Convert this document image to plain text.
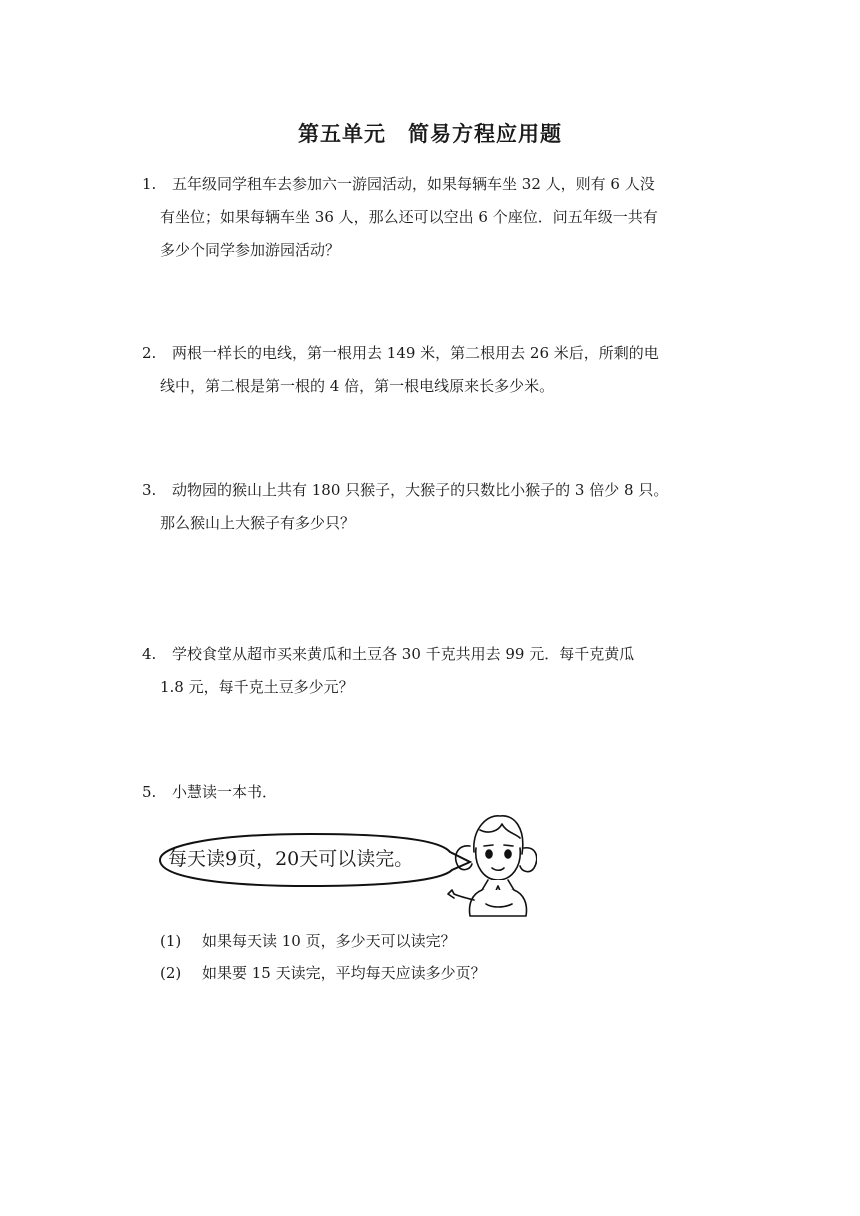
第五单元　简易方程应用题
1. 五年级同学租车去参加六一游园活动，如果每辆车坐 32 人，则有 6 人没
有坐位；如果每辆车坐 36 人，那么还可以空出 6 个座位．问五年级一共有
多少个同学参加游园活动？
2. 两根一样长的电线，第一根用去 149 米，第二根用去 26 米后，所剩的电
线中，第二根是第一根的 4 倍，第一根电线原来长多少米。
3. 动物园的猴山上共有 180 只猴子，大猴子的只数比小猴子的 3 倍少 8 只。
那么猴山上大猴子有多少只？
4. 学校食堂从超市买来黄瓜和土豆各 30 千克共用去 99 元．每千克黄瓜
1.8 元，每千克土豆多少元？
5. 小慧读一本书．
每天读9页，20天可以读完。
(1) 如果每天读 10 页，多少天可以读完？
(2) 如果要 15 天读完，平均每天应读多少页？
